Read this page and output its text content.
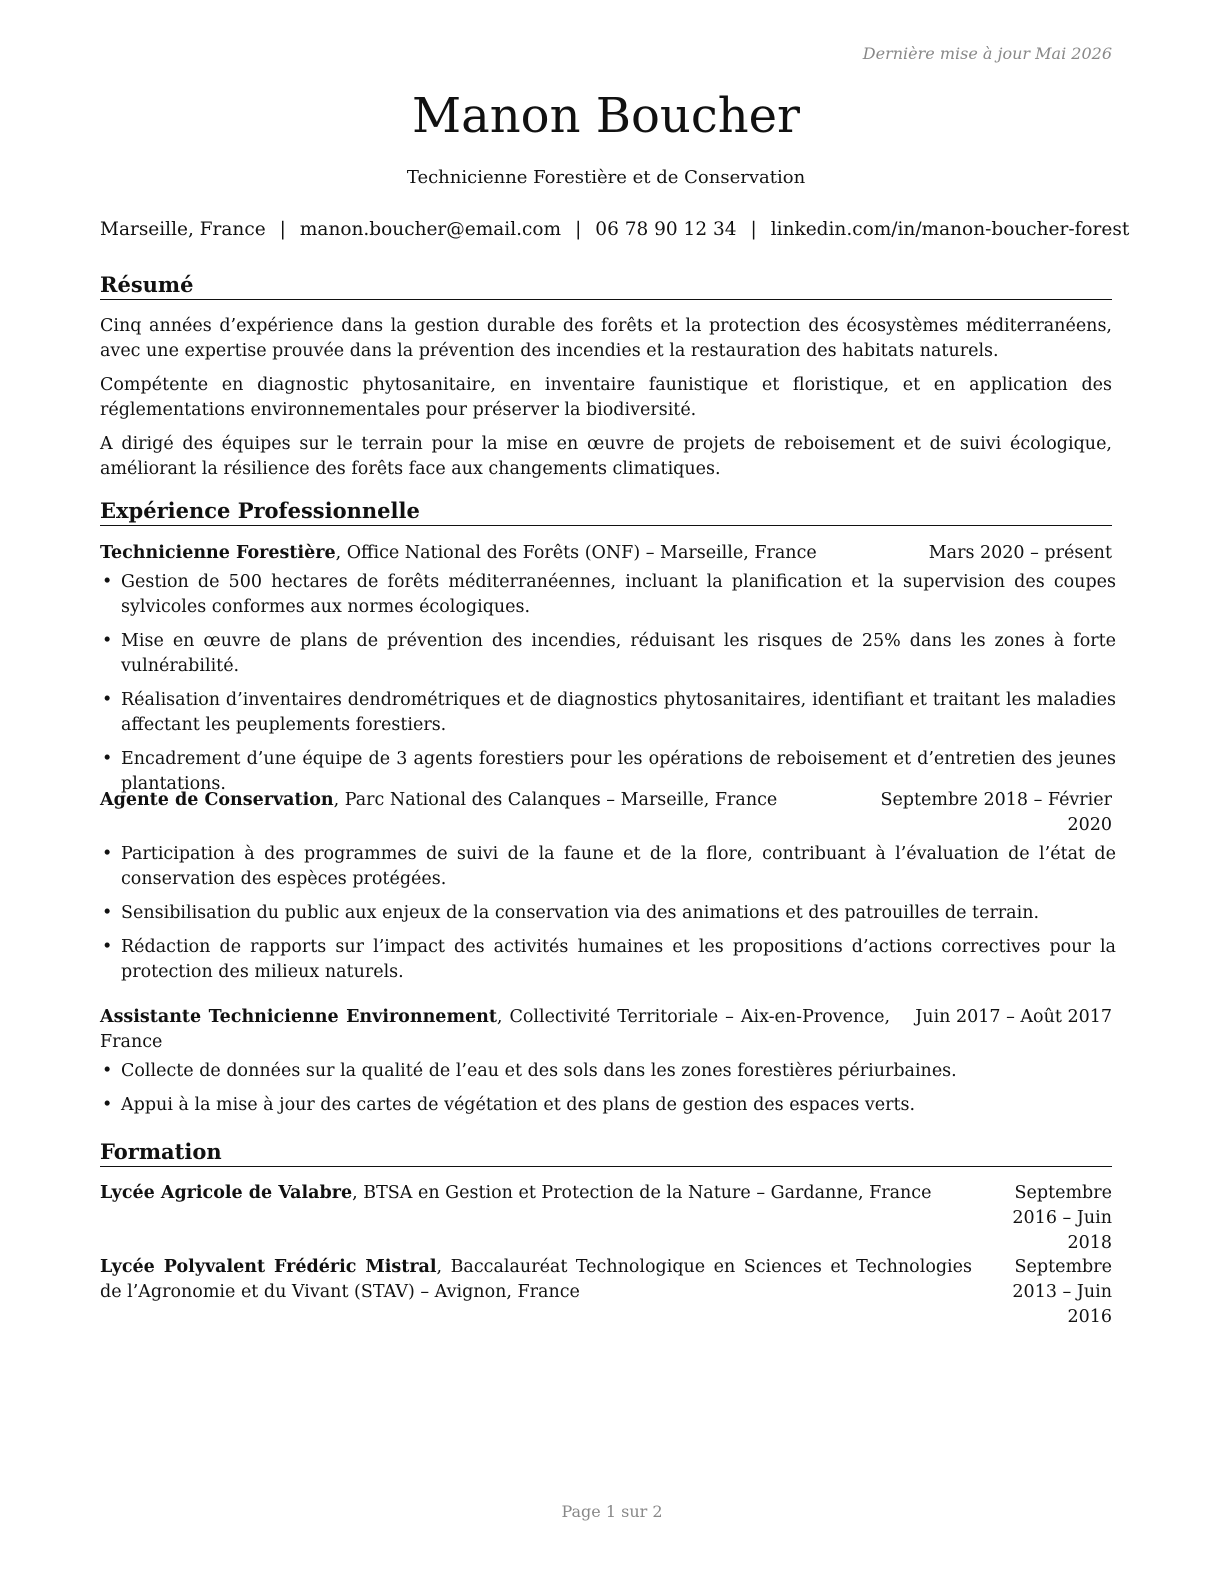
Dernière mise à jour Mai 2026
Manon Boucher
Technicienne Forestière et de Conservation
Marseille, France | manon.boucher@email.com | 06 78 90 12 34 | linkedin.com/in/manon-boucher-forest
Résumé
Cinq années d’expérience dans la gestion durable des forêts et la protection des écosystèmes méditerranéens, avec une expertise prouvée dans la prévention des incendies et la restauration des habitats naturels.
Compétente en diagnostic phytosanitaire, en inventaire faunistique et floristique, et en application des réglementations environnementales pour préserver la biodiversité.
A dirigé des équipes sur le terrain pour la mise en œuvre de projets de reboisement et de suivi écologique, améliorant la résilience des forêts face aux changements climatiques.
Expérience Professionnelle
Technicienne Forestière, Office National des Forêts (ONF) – Marseille, France	Mars 2020 – présent
• Gestion de 500 hectares de forêts méditerranéennes, incluant la planification et la supervision des coupes sylvicoles conformes aux normes écologiques.
• Mise en œuvre de plans de prévention des incendies, réduisant les risques de 25% dans les zones à forte vulnérabilité.
• Réalisation d’inventaires dendrométriques et de diagnostics phytosanitaires, identifiant et traitant les maladies affectant les peuplements forestiers.
• Encadrement d’une équipe de 3 agents forestiers pour les opérations de reboisement et d’entretien des jeunes plantations.
Agente de Conservation, Parc National des Calanques – Marseille, France	Septembre 2018 – Février 2020
• Participation à des programmes de suivi de la faune et de la flore, contribuant à l’évaluation de l’état de conservation des espèces protégées.
• Sensibilisation du public aux enjeux de la conservation via des animations et des patrouilles de terrain.
• Rédaction de rapports sur l’impact des activités humaines et les propositions d’actions correctives pour la protection des milieux naturels.
Assistante Technicienne Environnement, Collectivité Territoriale – Aix-en-Provence, France
Juin 2017 – Août 2017
• Collecte de données sur la qualité de l’eau et des sols dans les zones forestières périurbaines.
• Appui à la mise à jour des cartes de végétation et des plans de gestion des espaces verts.
Formation
Lycée Agricole de Valabre, BTSA en Gestion et Protection de la Nature – Gardanne, France	Septembre 2016 – Juin 2018
Lycée Polyvalent Frédéric Mistral, Baccalauréat Technologique en Sciences et Technologies de l’Agronomie et du Vivant (STAV) – Avignon, France
Septembre 2013 – Juin 2016
Page 1 sur 2
